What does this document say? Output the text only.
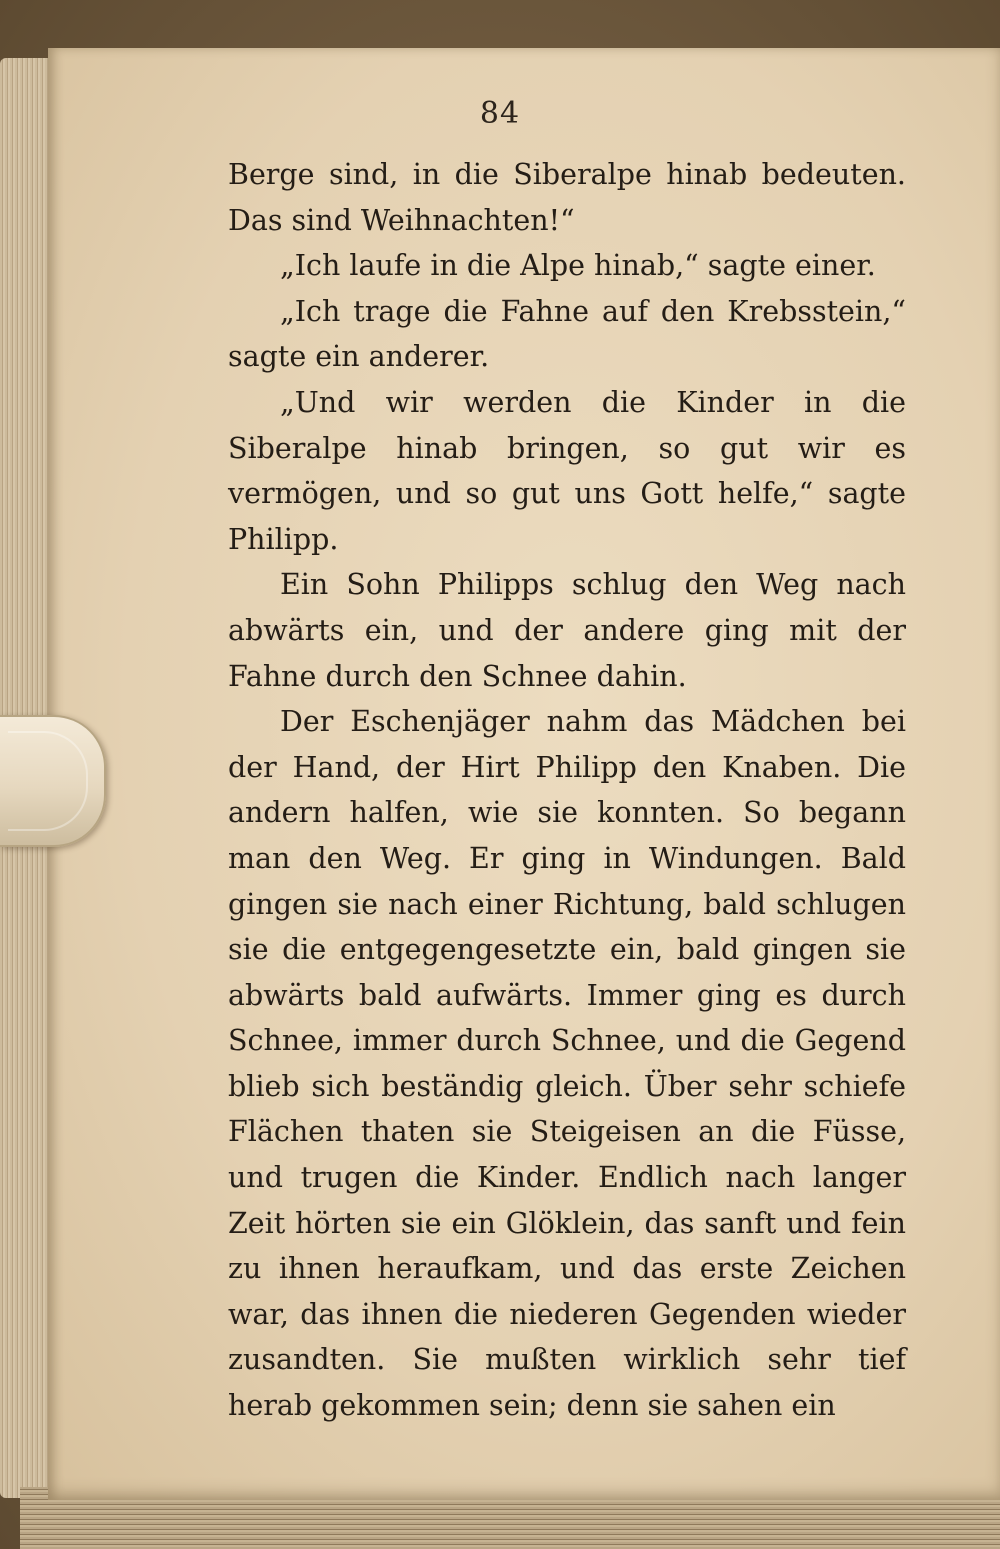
84

Berge sind, in die Siberalpe hinab bedeuten. Das sind Weihnachten!“

„Ich laufe in die Alpe hinab,“ sagte einer.

„Ich trage die Fahne auf den Krebsstein,“ sagte ein anderer.

„Und wir werden die Kinder in die Siberalpe hinab bringen, so gut wir es vermögen, und so gut uns Gott helfe,“ sagte Philipp.

Ein Sohn Philipps schlug den Weg nach abwärts ein, und der andere ging mit der Fahne durch den Schnee dahin.

Der Eschenjäger nahm das Mädchen bei der Hand, der Hirt Philipp den Knaben. Die andern halfen, wie sie konnten. So begann man den Weg. Er ging in Windungen. Bald gingen sie nach einer Richtung, bald schlugen sie die entgegengesetzte ein, bald gingen sie abwärts bald aufwärts. Immer ging es durch Schnee, immer durch Schnee, und die Gegend blieb sich beständig gleich. Über sehr schiefe Flächen thaten sie Steigeisen an die Füsse, und trugen die Kinder. Endlich nach langer Zeit hörten sie ein Glöklein, das sanft und fein zu ihnen heraufkam, und das erste Zeichen war, das ihnen die niederen Gegenden wieder zusandten. Sie mußten wirklich sehr tief herab gekommen sein; denn sie sahen ein
